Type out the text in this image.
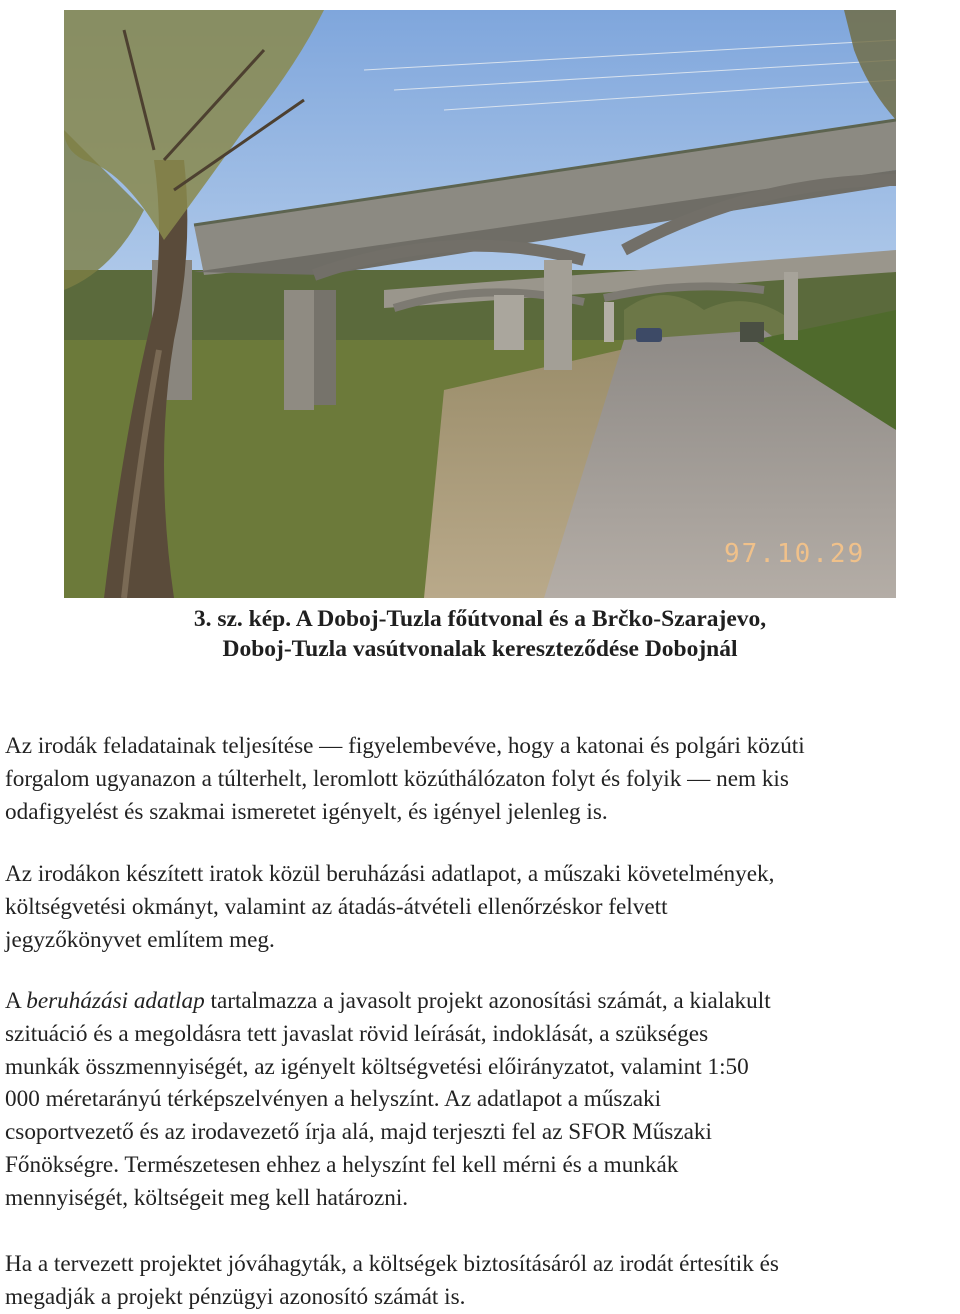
97.10.29
3. sz. kép. A Doboj-Tuzla főútvonal és a Brčko-Szarajevo,
Doboj-Tuzla vasútvonalak kereszteződése Dobojnál

Az irodák feladatainak teljesítése — figyelembevéve, hogy a katonai és polgári közúti
forgalom ugyanazon a túlterhelt, leromlott közúthálózaton folyt és folyik — nem kis
odafigyelést és szakmai ismeretet igényelt, és igényel jelenleg is.

Az irodákon készített iratok közül beruházási adatlapot, a műszaki követelmények,
költségvetési okmányt, valamint az átadás-átvételi ellenőrzéskor felvett
jegyzőkönyvet említem meg.

A beruházási adatlap tartalmazza a javasolt projekt azonosítási számát, a kialakult
szituáció és a megoldásra tett javaslat rövid leírását, indoklását, a szükséges
munkák összmennyiségét, az igényelt költségvetési előirányzatot, valamint 1:50
000 méretarányú térképszelvényen a helyszínt. Az adatlapot a műszaki
csoportvezető és az irodavezető írja alá, majd terjeszti fel az SFOR Műszaki
Főnökségre. Természetesen ehhez a helyszínt fel kell mérni és a munkák
mennyiségét, költségeit meg kell határozni.

Ha a tervezett projektet jóváhagyták, a költségek biztosításáról az irodát értesítik és
megadják a projekt pénzügyi azonosító számát is.
